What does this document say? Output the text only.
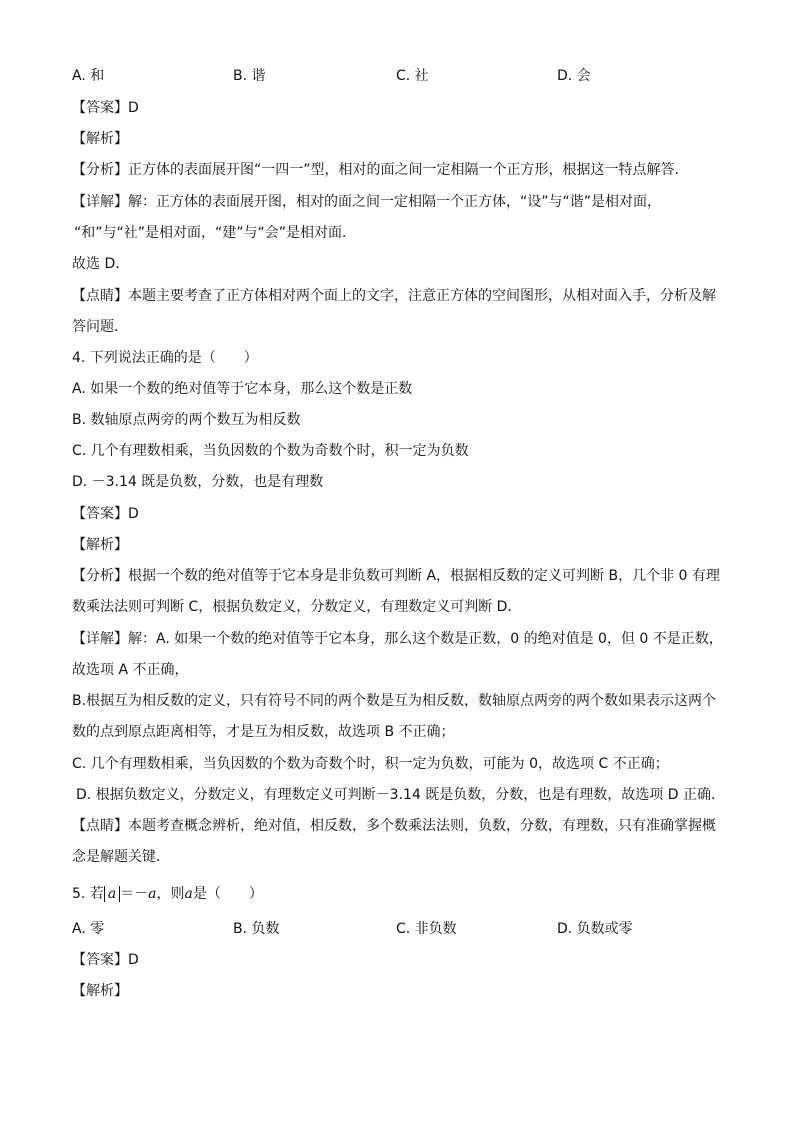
A. 和	B. 谐	C. 社	D. 会
【答案】D
【解析】
【分析】正方体的表面展开图“一四一”型，相对的面之间一定相隔一个正方形，根据这一特点解答．
【详解】解：正方体的表面展开图，相对的面之间一定相隔一个正方体，“设”与“谐”是相对面，
“和”与“社”是相对面，“建”与“会”是相对面．
故选 D．
【点睛】本题主要考查了正方体相对两个面上的文字，注意正方体的空间图形，从相对面入手，分析及解
答问题．
4. 下列说法正确的是（　　）
A. 如果一个数的绝对值等于它本身，那么这个数是正数
B. 数轴原点两旁的两个数互为相反数
C. 几个有理数相乘，当负因数的个数为奇数个时，积一定为负数
D. －3.14 既是负数，分数，也是有理数
【答案】D
【解析】
【分析】根据一个数的绝对值等于它本身是非负数可判断 A，根据相反数的定义可判断 B，几个非 0 有理
数乘法法则可判断 C，根据负数定义，分数定义，有理数定义可判断 D．
【详解】解：A. 如果一个数的绝对值等于它本身，那么这个数是正数，0 的绝对值是 0，但 0 不是正数，
故选项 A 不正确，
B.根据互为相反数的定义，只有符号不同的两个数是互为相反数，数轴原点两旁的两个数如果表示这两个
数的点到原点距离相等，才是互为相反数，故选项 B 不正确；
C. 几个有理数相乘，当负因数的个数为奇数个时，积一定为负数，可能为 0，故选项 C 不正确；
D. 根据负数定义，分数定义，有理数定义可判断－3.14 既是负数，分数，也是有理数，故选项 D 正确．
【点睛】本题考查概念辨析，绝对值，相反数，多个数乘法法则，负数，分数，有理数，只有准确掌握概
念是解题关键．
5. 若 a ＝－a，则a是（　　）
A. 零	B. 负数	C. 非负数	D. 负数或零
【答案】D
【解析】
